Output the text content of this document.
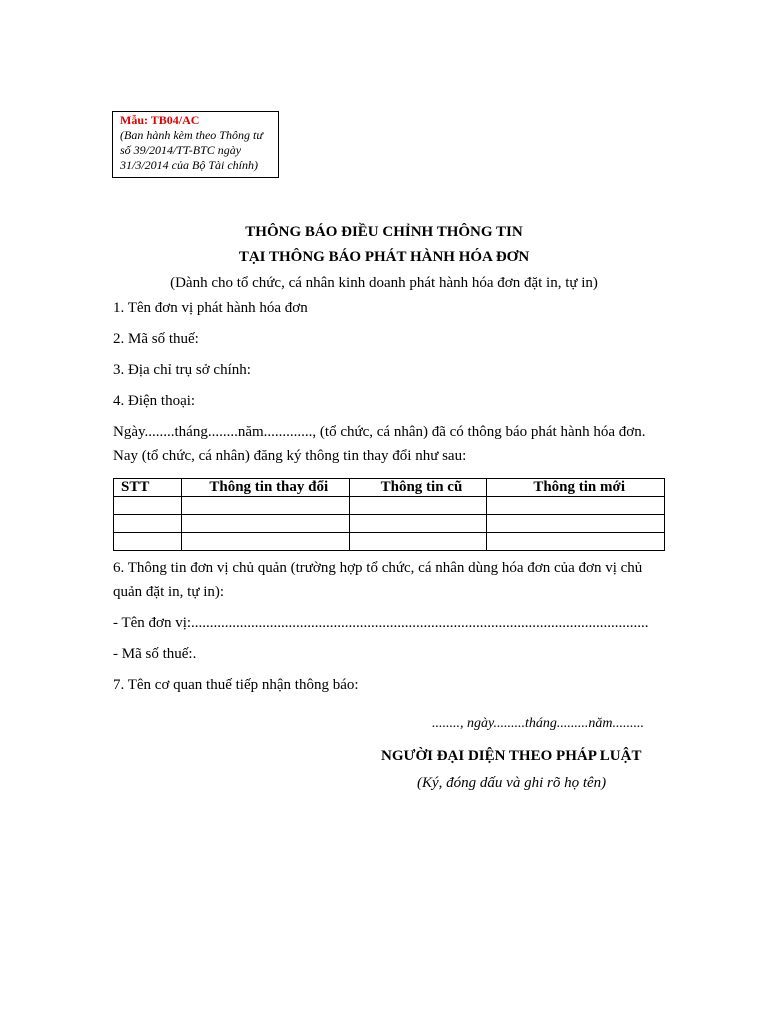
Mẫu: TB04/AC
(Ban hành kèm theo Thông tư
số 39/2014/TT-BTC ngày
31/3/2014 của Bộ Tài chính)
THÔNG BÁO ĐIỀU CHỈNH THÔNG TIN
TẠI THÔNG BÁO PHÁT HÀNH HÓA ĐƠN
(Dành cho tổ chức, cá nhân kinh doanh phát hành hóa đơn đặt in, tự in)
1. Tên đơn vị phát hành hóa đơn
2. Mã số thuế:
3. Địa chỉ trụ sở chính:
4. Điện thoại:
Ngày........tháng........năm............., (tổ chức, cá nhân) đã có thông báo phát hành hóa đơn.
Nay (tổ chức, cá nhân) đăng ký thông tin thay đổi như sau:
STT	Thông tin thay đổi	Thông tin cũ	Thông tin mới

6. Thông tin đơn vị chủ quản (trường hợp tổ chức, cá nhân dùng hóa đơn của đơn vị chủ
quản đặt in, tự in):
- Tên đơn vị:..........................................................................................................................
- Mã số thuế:.
7. Tên cơ quan thuế tiếp nhận thông báo:
........, ngày.........tháng.........năm.........
NGƯỜI ĐẠI DIỆN THEO PHÁP LUẬT
(Ký, đóng dấu và ghi rõ họ tên)
